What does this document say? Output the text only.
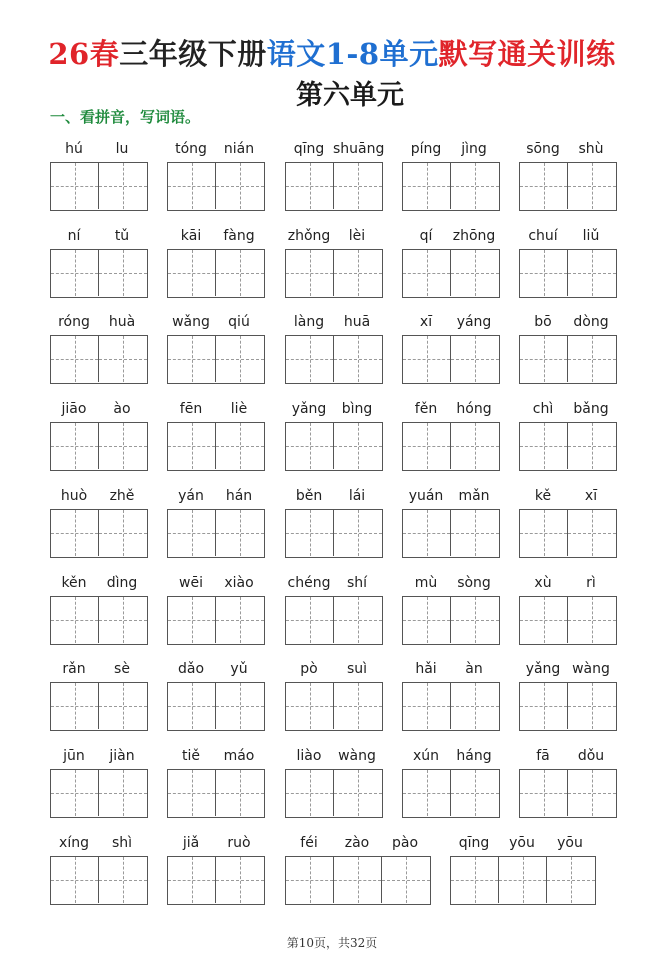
26春三年级下册语文1-8单元默写通关训练
第六单元
一、看拼音，写词语。
hú	lu	tóng	nián	qīng shuāng	píng	jìng	sōng	shù
ní	tǔ	kāi	fàng	zhǒng	lèi	qí	zhōng	chuí	liǔ
róng	huà	wǎng	qiú	làng	huā	xī	yáng	bō	dòng
jiāo	ào	fēn	liè	yǎng	bìng	fěn	hóng	chì	bǎng
huò	zhě	yán	hán	běn	lái	yuán	mǎn	kě	xī
kěn	dìng	wēi	xiào	chéng	shí	mù	sòng	xù	rì
rǎn	sè	dǎo	yǔ	pò	suì	hǎi	àn	yǎng wàng
jūn	jiàn	tiě	máo	liào	wàng	xún	háng	fā	dǒu
xíng	shì	jiǎ	ruò	féi	zào	pào	qīng	yōu	yōu
第10页，共32页
